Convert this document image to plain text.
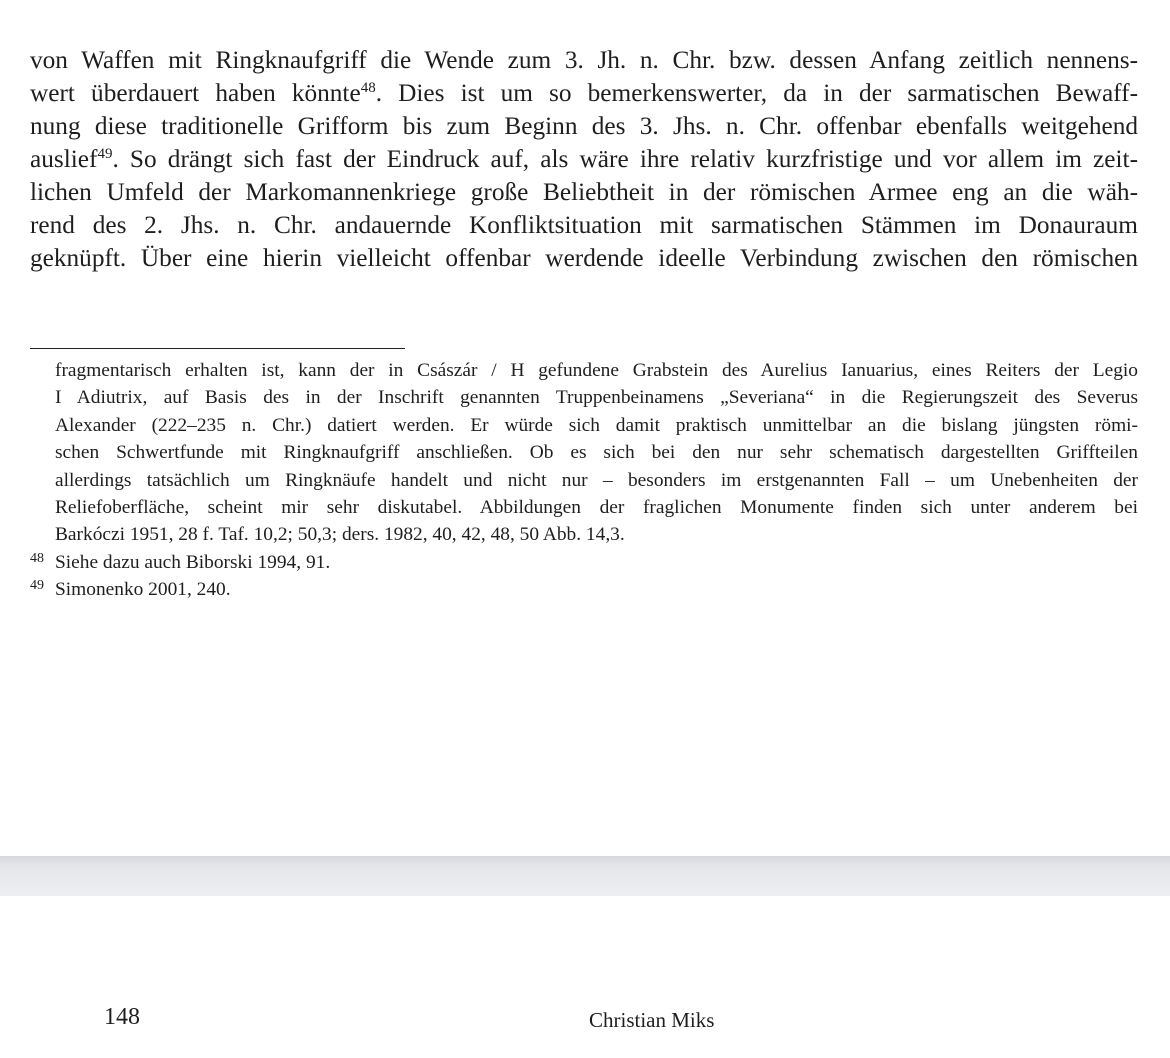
von Waffen mit Ringknaufgriff die Wende zum 3. Jh. n. Chr. bzw. dessen Anfang zeitlich nennens-
wert überdauert haben könnte$^{48}$. Dies ist um so bemerkenswerter, da in der sarmatischen Bewaff-
nung diese traditionelle Grifform bis zum Beginn des 3. Jhs. n. Chr. offenbar ebenfalls weitgehend
auslief$^{49}$. So drängt sich fast der Eindruck auf, als wäre ihre relativ kurzfristige und vor allem im zeit-
lichen Umfeld der Markomannenkriege große Beliebtheit in der römischen Armee eng an die wäh-
rend des 2. Jhs. n. Chr. andauernde Konfliktsituation mit sarmatischen Stämmen im Donauraum
geknüpft. Über eine hierin vielleicht offenbar werdende ideelle Verbindung zwischen den römischen
fragmentarisch erhalten ist, kann der in Császár / H gefundene Grabstein des Aurelius Ianuarius, eines Reiters der Legio
I Adiutrix, auf Basis des in der Inschrift genannten Truppenbeinamens „Severiana“ in die Regierungszeit des Severus
Alexander (222–235 n. Chr.) datiert werden. Er würde sich damit praktisch unmittelbar an die bislang jüngsten römi-
schen Schwertfunde mit Ringknaufgriff anschließen. Ob es sich bei den nur sehr schematisch dargestellten Griffteilen
allerdings tatsächlich um Ringknäufe handelt und nicht nur – besonders im erstgenannten Fall – um Unebenheiten der
Reliefoberfläche, scheint mir sehr diskutabel. Abbildungen der fraglichen Monumente finden sich unter anderem bei
Barkóczi 1951, 28 f. Taf. 10,2; 50,3; ders. 1982, 40, 42, 48, 50 Abb. 14,3.
48 Siehe dazu auch Biborski 1994, 91.
49 Simonenko 2001, 240.
148	Christian Miks
